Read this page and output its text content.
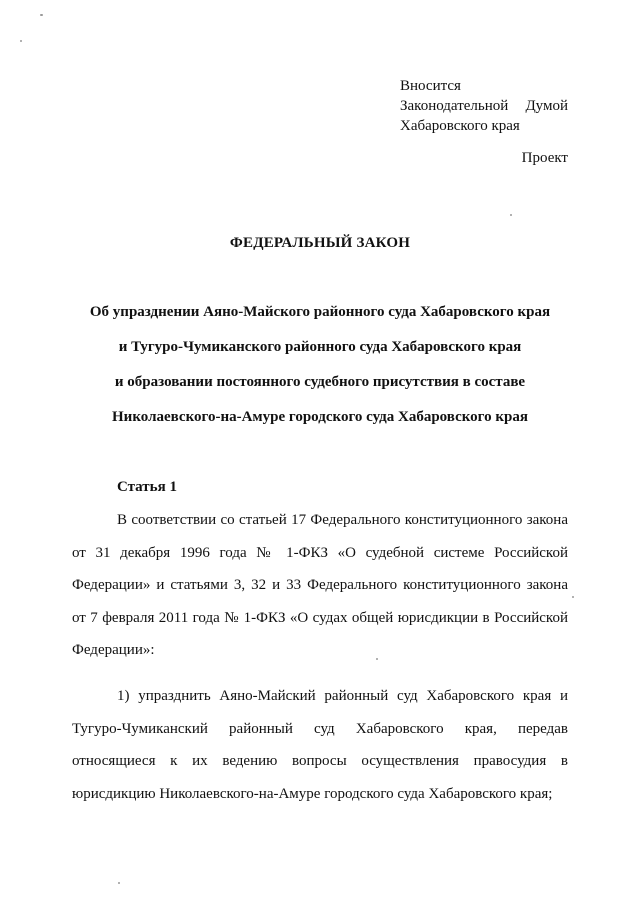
Вносится
Законодательной Думой
Хабаровского края
Проект
ФЕДЕРАЛЬНЫЙ ЗАКОН
Об упразднении Аяно-Майского районного суда Хабаровского края
и Тугуро-Чумиканского районного суда Хабаровского края
и образовании постоянного судебного присутствия в составе
Николаевского-на-Амуре городского суда Хабаровского края
Статья 1
В соответствии со статьей 17 Федерального конституционного закона
от 31 декабря 1996 года № 1-ФКЗ «О судебной системе Российской
Федерации» и статьями 3, 32 и 33 Федерального конституционного закона
от 7 февраля 2011 года № 1-ФКЗ «О судах общей юрисдикции в Российской
Федерации»:
1) упразднить Аяно-Майский районный суд Хабаровского края и
Тугуро-Чумиканский районный суд Хабаровского края, передав
относящиеся к их ведению вопросы осуществления правосудия в
юрисдикцию Николаевского-на-Амуре городского суда Хабаровского края;
